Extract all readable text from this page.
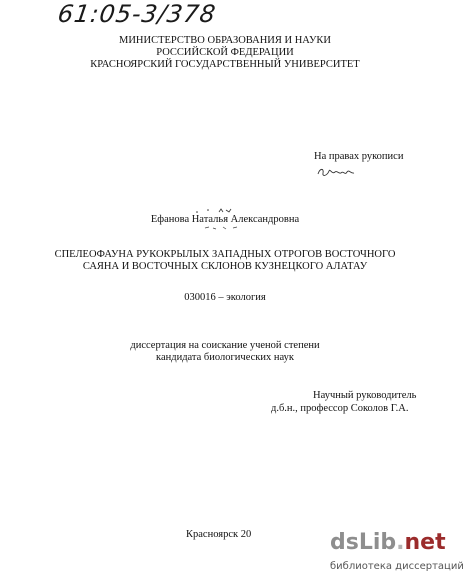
61:05-3/378
МИНИСТЕРСТВО ОБРАЗОВАНИЯ И НАУКИ
РОССИЙСКОЙ ФЕДЕРАЦИИ
КРАСНОЯРСКИЙ ГОСУДАРСТВЕННЫЙ УНИВЕРСИТЕТ
На правах рукописи
Ефанова Наталья Александровна
СПЕЛЕОФАУНА РУКОКРЫЛЫХ ЗАПАДНЫХ ОТРОГОВ ВОСТОЧНОГО
САЯНА И ВОСТОЧНЫХ СКЛОНОВ КУЗНЕЦКОГО АЛАТАУ
030016 – экология
диссертация на соискание ученой степени
кандидата биологических наук
Научный руководитель
д.б.н., профессор Соколов Г.А.
Красноярск 20	dsLib.net
библиотека диссертаций
